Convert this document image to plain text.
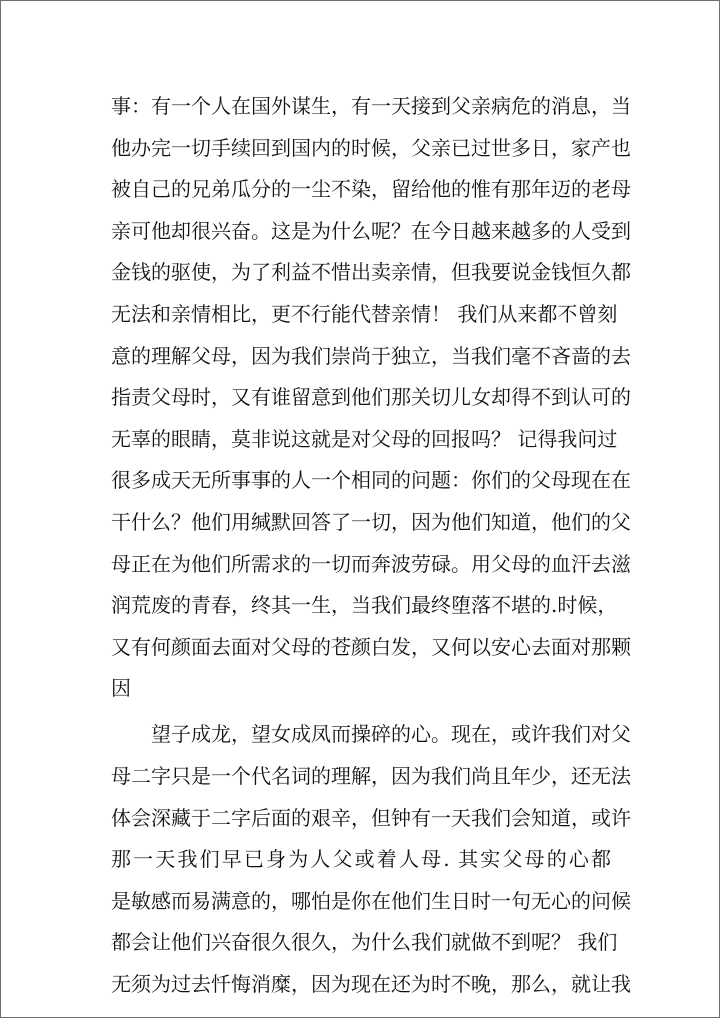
事：有一个人在国外谋生，有一天接到父亲病危的消息，当
他办完一切手续回到国内的时候，父亲已过世多日，家产也
被自己的兄弟瓜分的一尘不染，留给他的惟有那年迈的老母
亲可他却很兴奋。这是为什么呢？在今日越来越多的人受到
金钱的驱使，为了利益不惜出卖亲情，但我要说金钱恒久都
无法和亲情相比，更不行能代替亲情！ 我们从来都不曾刻
意的理解父母，因为我们崇尚于独立，当我们毫不吝啬的去
指责父母时，又有谁留意到他们那关切儿女却得不到认可的
无辜的眼睛，莫非说这就是对父母的回报吗？ 记得我问过
很多成天无所事事的人一个相同的问题：你们的父母现在在
干什么？他们用缄默回答了一切，因为他们知道，他们的父
母正在为他们所需求的一切而奔波劳碌。用父母的血汗去滋
润荒废的青春，终其一生，当我们最终堕落不堪的.时候，
又有何颜面去面对父母的苍颜白发，又何以安心去面对那颗
因
　　望子成龙，望女成凤而操碎的心。现在，或许我们对父
母二字只是一个代名词的理解，因为我们尚且年少，还无法
体会深藏于二字后面的艰辛，但钟有一天我们会知道，或许
那一天我们早已身为人父或着人母. 其实父母的心都
是敏感而易满意的，哪怕是你在他们生日时一句无心的问候
都会让他们兴奋很久很久，为什么我们就做不到呢？ 我们
无须为过去忏悔消糜，因为现在还为时不晚，那么，就让我
